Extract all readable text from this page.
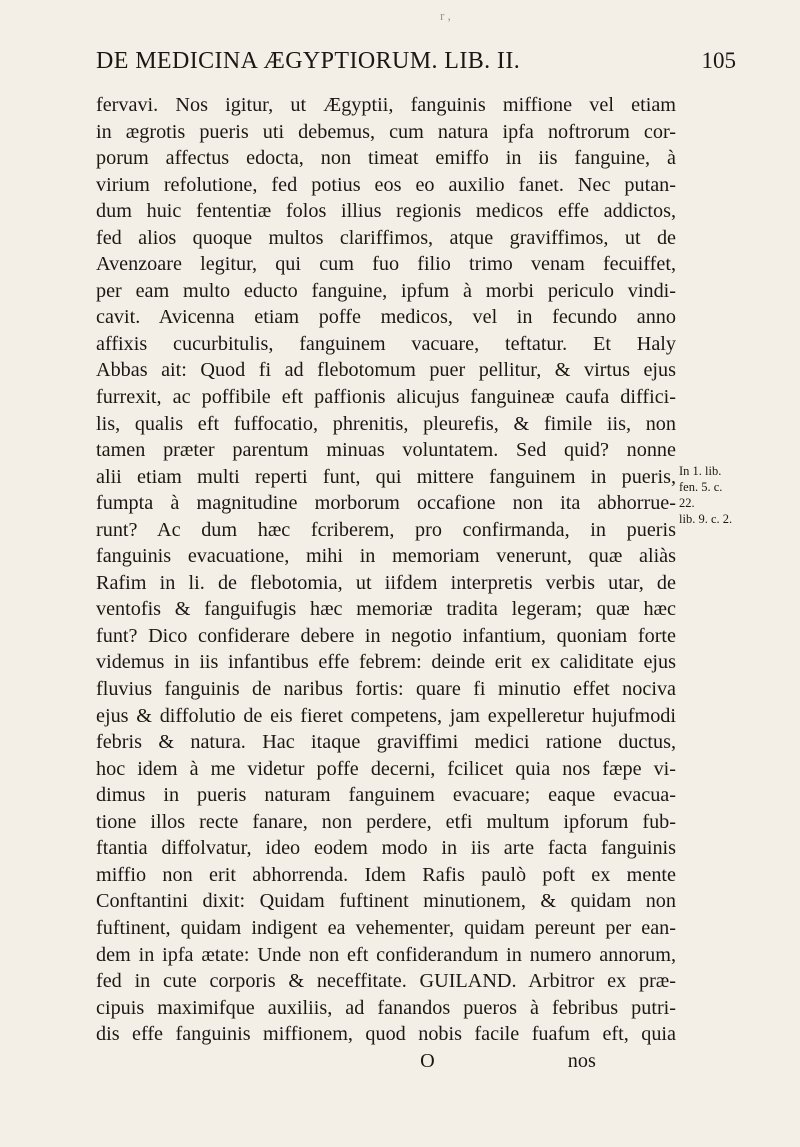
r ,
DE MEDICINA ÆGYPTIORUM. LIB. II.	105
fervavi. Nos igitur, ut Ægyptii, fanguinis miffione vel etiam
in ægrotis pueris uti debemus, cum natura ipfa noftrorum cor-
porum affectus edocta, non timeat emiffo in iis fanguine, à
virium refolutione, fed potius eos eo auxilio fanet. Nec putan-
dum huic fententiæ folos illius regionis medicos effe addictos,
fed alios quoque multos clariffimos, atque graviffimos, ut de
Avenzoare legitur, qui cum fuo filio trimo venam fecuiffet,
per eam multo educto fanguine, ipfum à morbi periculo vindi-
cavit. Avicenna etiam poffe medicos, vel in fecundo anno
affixis cucurbitulis, fanguinem vacuare, teftatur. Et Haly
Abbas ait: Quod fi ad flebotomum puer pellitur, & virtus ejus
furrexit, ac poffibile eft paffionis alicujus fanguineæ caufa diffici-
lis, qualis eft fuffocatio, phrenitis, pleurefis, & fimile iis, non
tamen præter parentum minuas voluntatem. Sed quid? nonne
alii etiam multi reperti funt, qui mittere fanguinem in pueris,
fumpta à magnitudine morborum occafione non ita abhorrue-
runt? Ac dum hæc fcriberem, pro confirmanda, in pueris
fanguinis evacuatione, mihi in memoriam venerunt, quæ aliàs
Rafim in li. de flebotomia, ut iifdem interpretis verbis utar, de
ventofis & fanguifugis hæc memoriæ tradita legeram; quæ hæc
funt? Dico confiderare debere in negotio infantium, quoniam forte
videmus in iis infantibus effe febrem: deinde erit ex caliditate ejus
fluvius fanguinis de naribus fortis: quare fi minutio effet nociva
ejus & diffolutio de eis fieret competens, jam expelleretur hujufmodi
febris & natura. Hac itaque graviffimi medici ratione ductus,
hoc idem à me videtur poffe decerni, fcilicet quia nos fæpe vi-
dimus in pueris naturam fanguinem evacuare; eaque evacua-
tione illos recte fanare, non perdere, etfi multum ipforum fub-
ftantia diffolvatur, ideo eodem modo in iis arte facta fanguinis
miffio non erit abhorrenda. Idem Rafis paulò poft ex mente
Conftantini dixit: Quidam fuftinent minutionem, & quidam non
fuftinent, quidam indigent ea vehementer, quidam pereunt per ean-
dem in ipfa ætate: Unde non eft confiderandum in numero annorum,
fed in cute corporis & neceffitate. GUILAND. Arbitror ex præ-
cipuis maximifque auxiliis, ad fanandos pueros à febribus putri-
dis effe fanguinis miffionem, quod nobis facile fuafum eft, quia
O	nos
In 1. lib.
fen. 5. c.
22.
lib. 9. c. 2.
